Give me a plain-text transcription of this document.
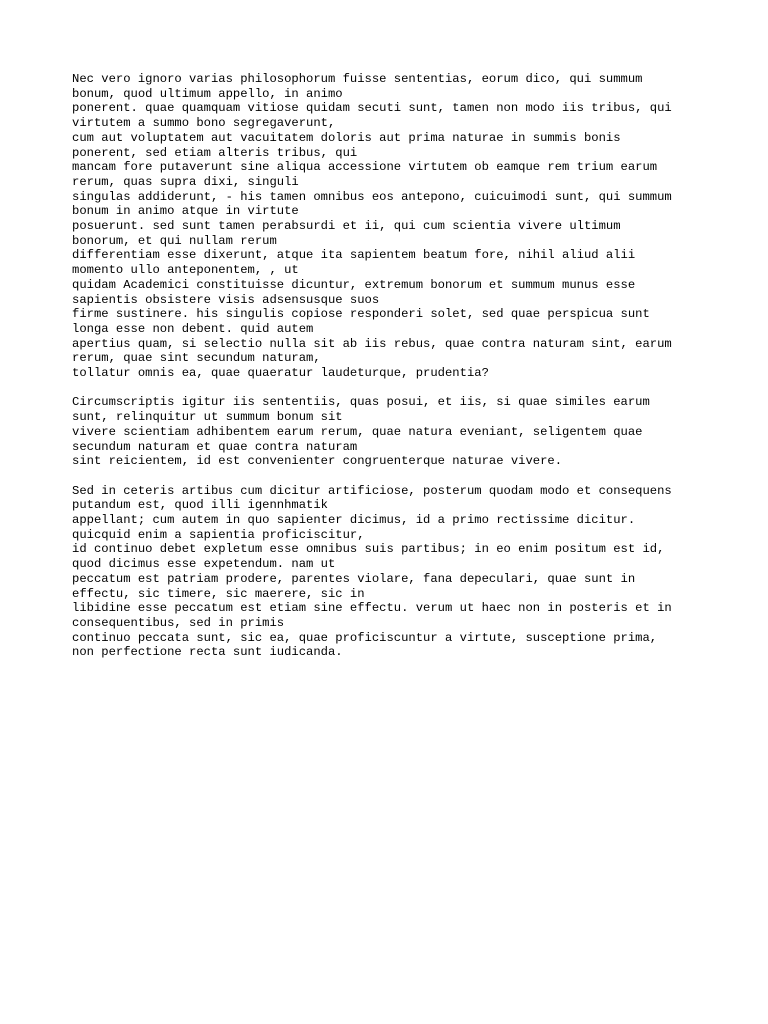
Nec vero ignoro varias philosophorum fuisse sententias, eorum dico, qui summum
bonum, quod ultimum appello, in animo
ponerent. quae quamquam vitiose quidam secuti sunt, tamen non modo iis tribus, qui
virtutem a summo bono segregaverunt,
cum aut voluptatem aut vacuitatem doloris aut prima naturae in summis bonis
ponerent, sed etiam alteris tribus, qui
mancam fore putaverunt sine aliqua accessione virtutem ob eamque rem trium earum
rerum, quas supra dixi, singuli
singulas addiderunt, - his tamen omnibus eos antepono, cuicuimodi sunt, qui summum
bonum in animo atque in virtute
posuerunt. sed sunt tamen perabsurdi et ii, qui cum scientia vivere ultimum
bonorum, et qui nullam rerum
differentiam esse dixerunt, atque ita sapientem beatum fore, nihil aliud alii
momento ullo anteponentem, , ut
quidam Academici constituisse dicuntur, extremum bonorum et summum munus esse
sapientis obsistere visis adsensusque suos
firme sustinere. his singulis copiose responderi solet, sed quae perspicua sunt
longa esse non debent. quid autem
apertius quam, si selectio nulla sit ab iis rebus, quae contra naturam sint, earum
rerum, quae sint secundum naturam,
tollatur omnis ea, quae quaeratur laudeturque, prudentia?
Circumscriptis igitur iis sententiis, quas posui, et iis, si quae similes earum
sunt, relinquitur ut summum bonum sit
vivere scientiam adhibentem earum rerum, quae natura eveniant, seligentem quae
secundum naturam et quae contra naturam
sint reicientem, id est convenienter congruenterque naturae vivere.
Sed in ceteris artibus cum dicitur artificiose, posterum quodam modo et consequens
putandum est, quod illi igennhmatik
appellant; cum autem in quo sapienter dicimus, id a primo rectissime dicitur.
quicquid enim a sapientia proficiscitur,
id continuo debet expletum esse omnibus suis partibus; in eo enim positum est id,
quod dicimus esse expetendum. nam ut
peccatum est patriam prodere, parentes violare, fana depeculari, quae sunt in
effectu, sic timere, sic maerere, sic in
libidine esse peccatum est etiam sine effectu. verum ut haec non in posteris et in
consequentibus, sed in primis
continuo peccata sunt, sic ea, quae proficiscuntur a virtute, susceptione prima,
non perfectione recta sunt iudicanda.
